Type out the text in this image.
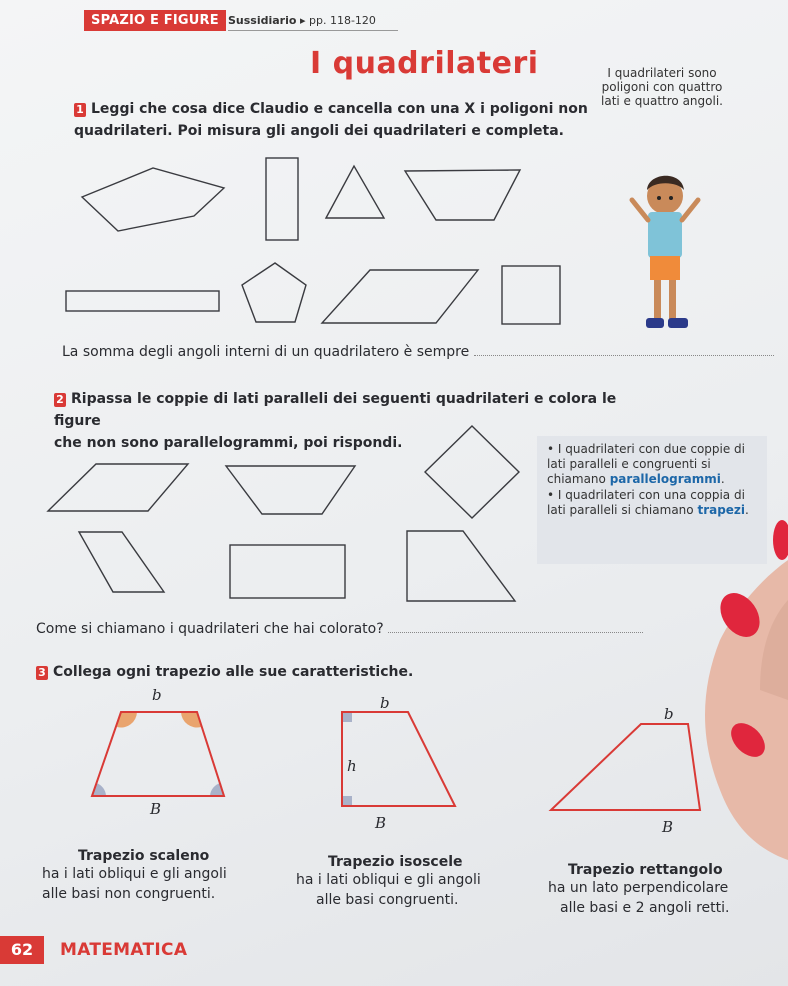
SPAZIO E FIGURE Sussidiario ▸ pp. 118-120
I quadrilateri	I quadrilateri sono poligoni con quattro lati e quattro angoli.
1 Leggi che cosa dice Claudio e cancella con una X i poligoni non
quadrilateri. Poi misura gli angoli dei quadrilateri e completa.
La somma degli angoli interni di un quadrilatero è sempre
2 Ripassa le coppie di lati paralleli dei seguenti quadrilateri e colora le figure
che non sono parallelogrammi, poi rispondi.	• I quadrilateri con due coppie di lati paralleli e congruenti si chiamano parallelogrammi.
• I quadrilateri con una coppia di lati paralleli si chiamano trapezi.
Come si chiamano i quadrilateri che hai colorato?
3 Collega ogni trapezio alle sue caratteristiche.
b
B
b
h
B
b
B
Trapezio scaleno
ha i lati obliqui e gli angoli
alle basi non congruenti.
Trapezio isoscele
ha i lati obliqui e gli angoli
alle basi congruenti.
Trapezio rettangolo
ha un lato perpendicolare
alle basi e 2 angoli retti.
62	MATEMATICA
